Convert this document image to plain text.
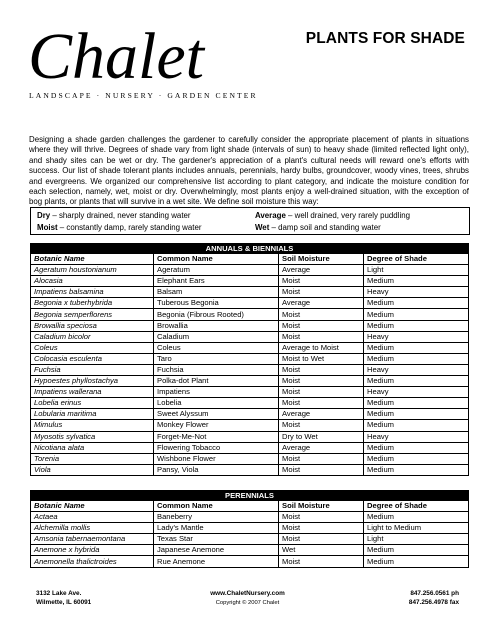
Chalet
LANDSCAPE · NURSERY · GARDEN CENTER
PLANTS FOR SHADE
Designing a shade garden challenges the gardener to carefully consider the appropriate placement of plants in situations where they will thrive. Degrees of shade vary from light shade (intervals of sun) to heavy shade (limited reflected light only), and shady sites can be wet or dry. The gardener's appreciation of a plant's cultural needs will reward one's efforts with success. Our list of shade tolerant plants includes annuals, perennials, hardy bulbs, groundcover, woody vines, trees, shrubs and evergreens. We organized our comprehensive list according to plant category, and indicate the moisture condition for each selection, namely, wet, moist or dry. Overwhelmingly, most plants enjoy a well-drained situation, with the exception of bog plants, or plants that will survive in a wet site. We define soil moisture this way:
Dry – sharply drained, never standing water	Average – well drained, very rarely puddling
Moist – constantly damp, rarely standing water	Wet – damp soil and standing water
ANNUALS & BIENNIALS			
Botanic Name	Common Name	Soil Moisture	Degree of Shade
Ageratum houstonianum	Ageratum	Average	Light
Alocasia	Elephant Ears	Moist	Medium
Impatiens balsamina	Balsam	Moist	Heavy
Begonia x tuberhybrida	Tuberous Begonia	Average	Medium
Begonia semperflorens	Begonia (Fibrous Rooted)	Moist	Medium
Browallia speciosa	Browallia	Moist	Medium
Caladium bicolor	Caladium	Moist	Heavy
Coleus	Coleus	Average to Moist	Medium
Colocasia esculenta	Taro	Moist to Wet	Medium
Fuchsia	Fuchsia	Moist	Heavy
Hypoestes phyllostachya	Polka-dot Plant	Moist	Medium
Impatiens wallerana	Impatiens	Moist	Heavy
Lobelia erinus	Lobelia	Moist	Medium
Lobularia maritima	Sweet Alyssum	Average	Medium
Mimulus	Monkey Flower	Moist	Medium
Myosotis sylvatica	Forget-Me-Not	Dry to Wet	Heavy
Nicotiana alata	Flowering Tobacco	Average	Medium
Torenia	Wishbone Flower	Moist	Medium
Viola	Pansy, Viola	Moist	Medium
PERENNIALS			
Botanic Name	Common Name	Soil Moisture	Degree of Shade
Actaea	Baneberry	Moist	Medium
Alchemilla mollis	Lady's Mantle	Moist	Light to Medium
Amsonia tabernaemontana	Texas Star	Moist	Light
Anemone x hybrida	Japanese Anemone	Wet	Medium
Anemonella thalictroides	Rue Anemone	Moist	Medium
3132 Lake Ave.
Wilmette, IL 60091
www.ChaletNursery.com
Copyright © 2007 Chalet
847.256.0561 ph
847.256.4978 fax
